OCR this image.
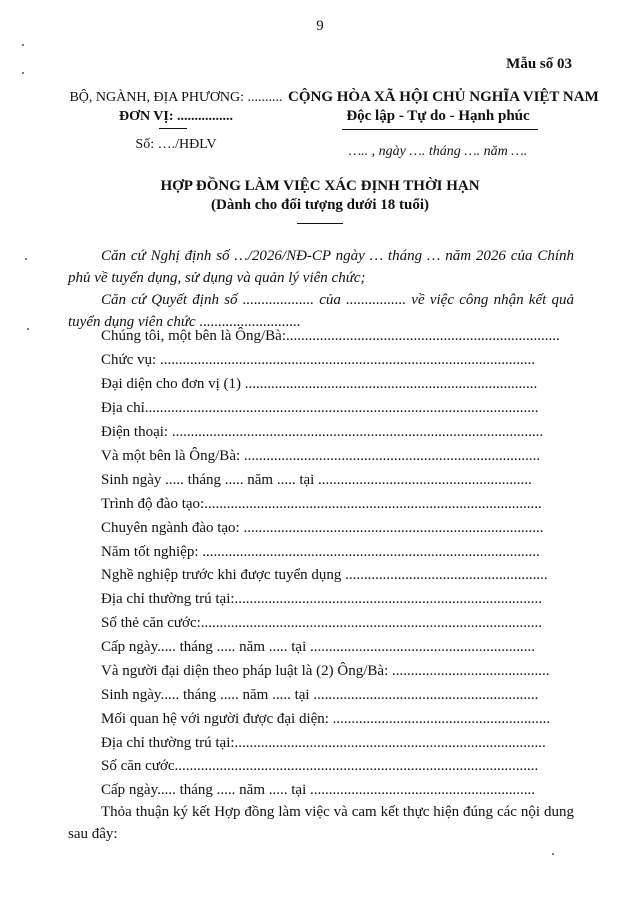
9
Mẫu số 03
BỘ, NGÀNH, ĐỊA PHƯƠNG: ..........
ĐƠN VỊ: ................
Số: …./HĐLV
CỘNG HÒA XÃ HỘI CHỦ NGHĨA VIỆT NAM
Độc lập - Tự do - Hạnh phúc
….. , ngày …. tháng …. năm ….
HỢP ĐỒNG LÀM VIỆC XÁC ĐỊNH THỜI HẠN
(Dành cho đối tượng dưới 18 tuổi)
Căn cứ Nghị định số …/2026/NĐ-CP ngày … tháng … năm 2026 của Chính phủ về tuyển dụng, sử dụng và quản lý viên chức;
Căn cứ Quyết định số ................... của ................ về việc công nhận kết quả tuyển dụng viên chức ...........................
Chúng tôi, một bên là Ông/Bà:.........................................................................
Chức vụ: ....................................................................................................
Đại diện cho đơn vị (1) ..............................................................................
Địa chỉ.........................................................................................................
Điện thoại: ...................................................................................................
Và một bên là Ông/Bà: ...............................................................................
Sinh ngày ..... tháng ..... năm ..... tại .........................................................
Trình độ đào tạo:..........................................................................................
Chuyên ngành đào tạo: ................................................................................
Năm tốt nghiệp: ..........................................................................................
Nghề nghiệp trước khi được tuyển dụng ......................................................
Địa chỉ thường trú tại:..................................................................................
Số thẻ căn cước:...........................................................................................
Cấp ngày..... tháng ..... năm ..... tại ............................................................
Và người đại diện theo pháp luật là (2) Ông/Bà: ..........................................
Sinh ngày..... tháng ..... năm ..... tại ............................................................
Mối quan hệ với người được đại diện: ..........................................................
Địa chỉ thường trú tại:...................................................................................
Số căn cước.................................................................................................
Cấp ngày..... tháng ..... năm ..... tại ............................................................
Thỏa thuận ký kết Hợp đồng làm việc và cam kết thực hiện đúng các nội dung sau đây:
